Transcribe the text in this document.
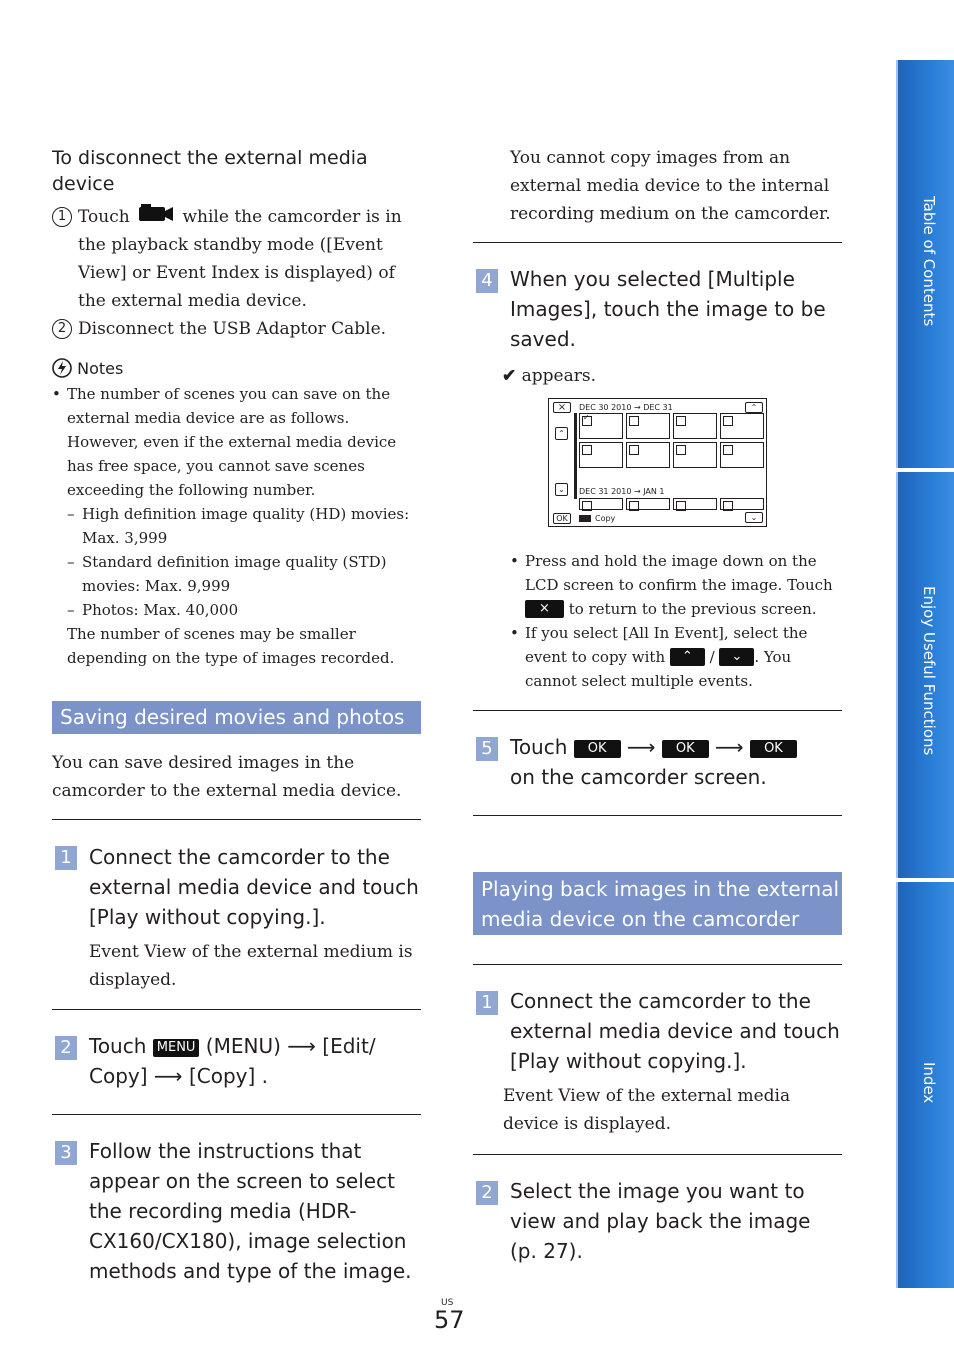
Table of Contents
Enjoy Useful Functions
Index
To disconnect the external media device
1 Touch	while the camcorder is in the playback standby mode ([Event View] or Event Index is displayed) of the external media device.
2 Disconnect the USB Adaptor Cable.
Notes
• The number of scenes you can save on the external media device are as follows. However, even if the external media device has free space, you cannot save scenes exceeding the following number.
– High definition image quality (HD) movies: Max. 3,999
– Standard definition image quality (STD) movies: Max. 9,999
– Photos: Max. 40,000
The number of scenes may be smaller depending on the type of images recorded.
Saving desired movies and photos
You can save desired images in the camcorder to the external media device.
1 Connect the camcorder to the external media device and touch [Play without copying.].
Event View of the external medium is displayed.
2 Touch MENU (MENU) ⟶ [Edit/ Copy] ⟶ [Copy] .
3 Follow the instructions that appear on the screen to select the recording media (HDR-CX160/CX180), image selection methods and type of the image.
You cannot copy images from an external media device to the internal recording medium on the camcorder.
4 When you selected [Multiple Images], touch the image to be saved.
✔ appears.
×	DEC 30 2010 → DEC 31	⌃
⌃
⌄
✓
DEC 31 2010 → JAN 1
OK	Copy	⌄
• Press and hold the image down on the LCD screen to confirm the image. Touch × to return to the previous screen.
• If you select [All In Event], select the event to copy with ⌃ / ⌄ . You cannot select multiple events.
5 Touch OK ⟶ OK ⟶ OK
on the camcorder screen.
Playing back images in the external media device on the camcorder
1 Connect the camcorder to the external media device and touch [Play without copying.].
Event View of the external media device is displayed.
2 Select the image you want to view and play back the image (p. 27).
US
57
